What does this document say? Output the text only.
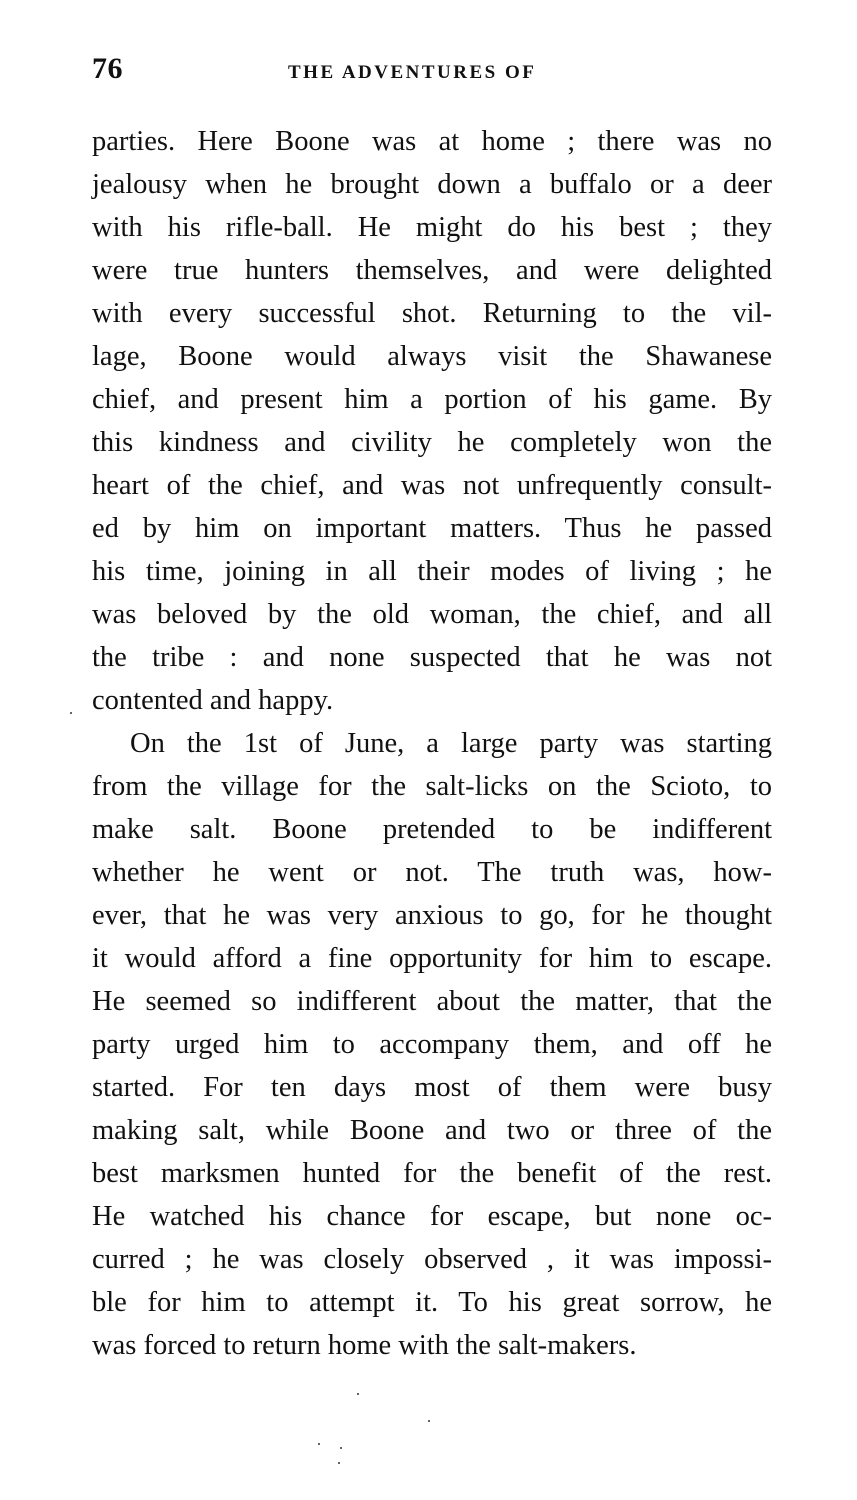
76	THE ADVENTURES OF
parties. Here Boone was at home ; there was no
jealousy when he brought down a buffalo or a deer
with his rifle-ball. He might do his best ; they
were true hunters themselves, and were delighted
with every successful shot. Returning to the vil-
lage, Boone would always visit the Shawanese
chief, and present him a portion of his game. By
this kindness and civility he completely won the
heart of the chief, and was not unfrequently consult-
ed by him on important matters. Thus he passed
his time, joining in all their modes of living ; he
was beloved by the old woman, the chief, and all
the tribe : and none suspected that he was not
contented and happy.
On the 1st of June, a large party was starting
from the village for the salt-licks on the Scioto, to
make salt. Boone pretended to be indifferent
whether he went or not. The truth was, how-
ever, that he was very anxious to go, for he thought
it would afford a fine opportunity for him to escape.
He seemed so indifferent about the matter, that the
party urged him to accompany them, and off he
started. For ten days most of them were busy
making salt, while Boone and two or three of the
best marksmen hunted for the benefit of the rest.
He watched his chance for escape, but none oc-
curred ; he was closely observed , it was impossi-
ble for him to attempt it. To his great sorrow, he
was forced to return home with the salt-makers.
